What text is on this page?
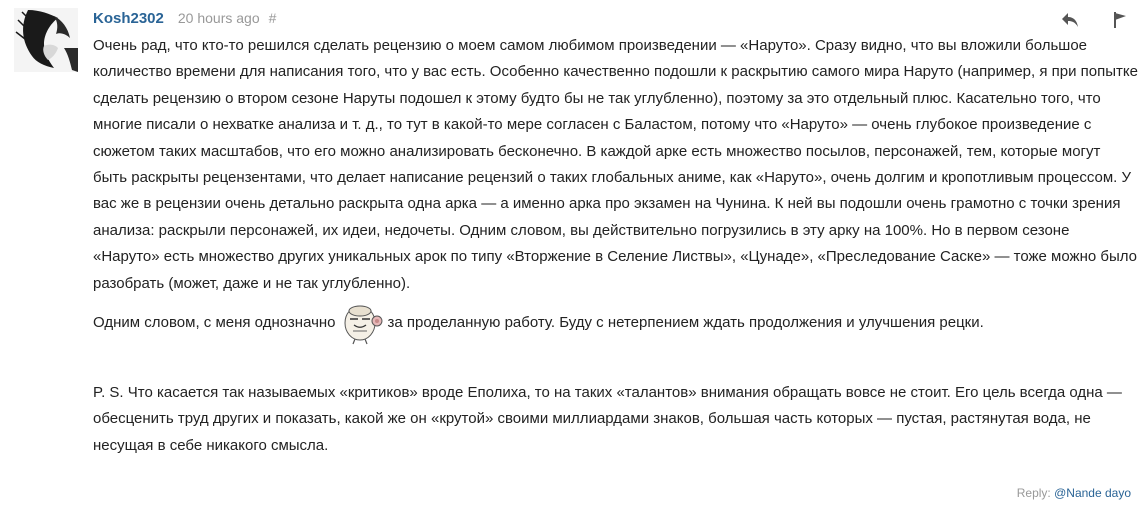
Kosh2302 20 hours ago #

Очень рад, что кто-то решился сделать рецензию о моем самом любимом произведении — «Наруто». Сразу видно, что вы вложили большое количество времени для написания того, что у вас есть. Особенно качественно подошли к раскрытию самого мира Наруто (например, я при попытке сделать рецензию о втором сезоне Наруты подошел к этому будто бы не так углубленно), поэтому за это отдельный плюс. Касательно того, что многие писали о нехватке анализа и т. д., то тут в какой-то мере согласен с Баластом, потому что «Наруто» — очень глубокое произведение с сюжетом таких масштабов, что его можно анализировать бесконечно. В каждой арке есть множество посылов, персонажей, тем, которые могут быть раскрыты рецензентами, что делает написание рецензий о таких глобальных аниме, как «Наруто», очень долгим и кропотливым процессом. У вас же в рецензии очень детально раскрыта одна арка — а именно арка про экзамен на Чунина. К ней вы подошли очень грамотно с точки зрения анализа: раскрыли персонажей, их идеи, недочеты. Одним словом, вы действительно погрузились в эту арку на 100%. Но в первом сезоне «Наруто» есть множество других уникальных арок по типу «Вторжение в Селение Листвы», «Цунаде», «Преследование Саске» — тоже можно было разобрать (может, даже и не так углубленно).

Одним словом, с меня однозначно	за проделанную работу. Буду с нетерпением ждать продолжения и улучшения рецки.

P. S. Что касается так называемых «критиков» вроде Еполиха, то на таких «талантов» внимания обращать вовсе не стоит. Его цель всегда одна — обесценить труд других и показать, какой же он «крутой» своими миллиардами знаков, большая часть которых — пустая, растянутая вода, не несущая в себе никакого смысла.

Reply: @Nande dayo
